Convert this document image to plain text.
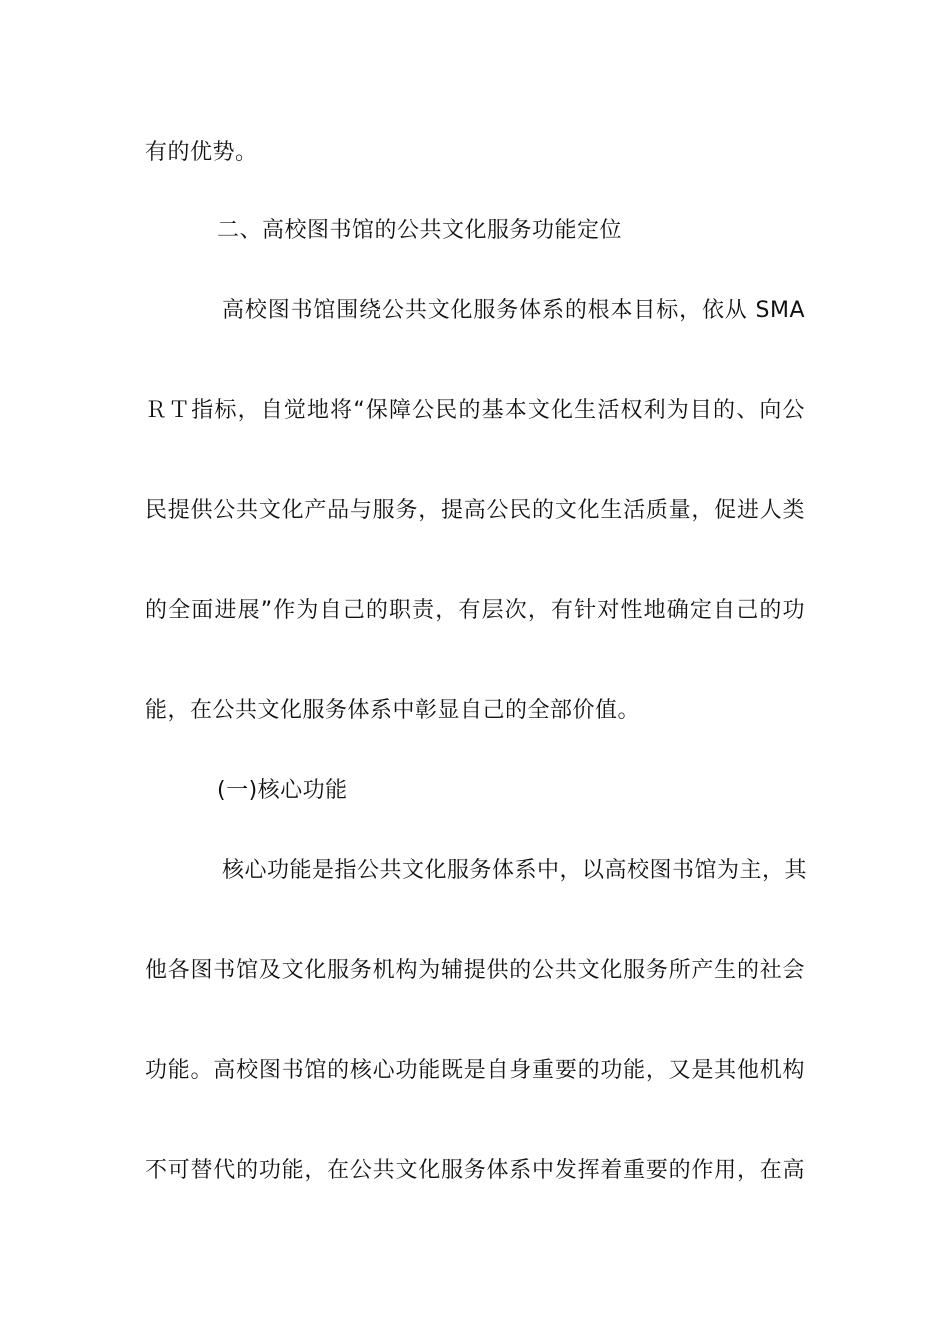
有的优势。
二、高校图书馆的公共文化服务功能定位
高校图书馆围绕公共文化服务体系的根本目标，依从 SMA
ＲＴ指标，自觉地将“保障公民的基本文化生活权利为目的、向公
民提供公共文化产品与服务，提高公民的文化生活质量，促进人类
的全面进展”作为自己的职责，有层次，有针对性地确定自己的功
能，在公共文化服务体系中彰显自己的全部价值。
(一)核心功能
核心功能是指公共文化服务体系中，以高校图书馆为主，其
他各图书馆及文化服务机构为辅提供的公共文化服务所产生的社会
功能。高校图书馆的核心功能既是自身重要的功能，又是其他机构
不可替代的功能，在公共文化服务体系中发挥着重要的作用，在高
